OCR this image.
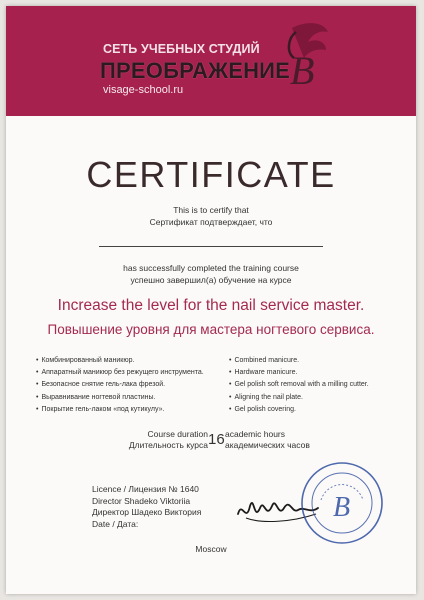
СЕТЬ УЧЕБНЫХ СТУДИЙ
ПРЕОБРАЖЕНИЕ
visage-school.ru	B
CERTIFICATE
This is to certify that
Сертификат подтверждает, что
has successfully completed the training course
успешно завершил(а) обучение на курсе
Increase the level for the nail service master.
Повышение уровня для мастера ногтевого сервиса.
• Комбинированный маникюр.
• Аппаратный маникюр без режущего инструмента.
• Безопасное снятие гель-лака фрезой.
• Выравнивание ногтевой пластины.
• Покрытие гель-лаком «под кутикулу».
• Combined manicure.
• Hardware manicure.
• Gel polish soft removal with a milling cutter.
• Aligning the nail plate.
• Gel polish covering.
Course duration
Длительность курса 16 academic hours
академических часов
Licence / Лицензия № 1640
Director Shadeko Viktoriia
Директор Шадеко Виктория
Date / Дата:
B
Moscow
